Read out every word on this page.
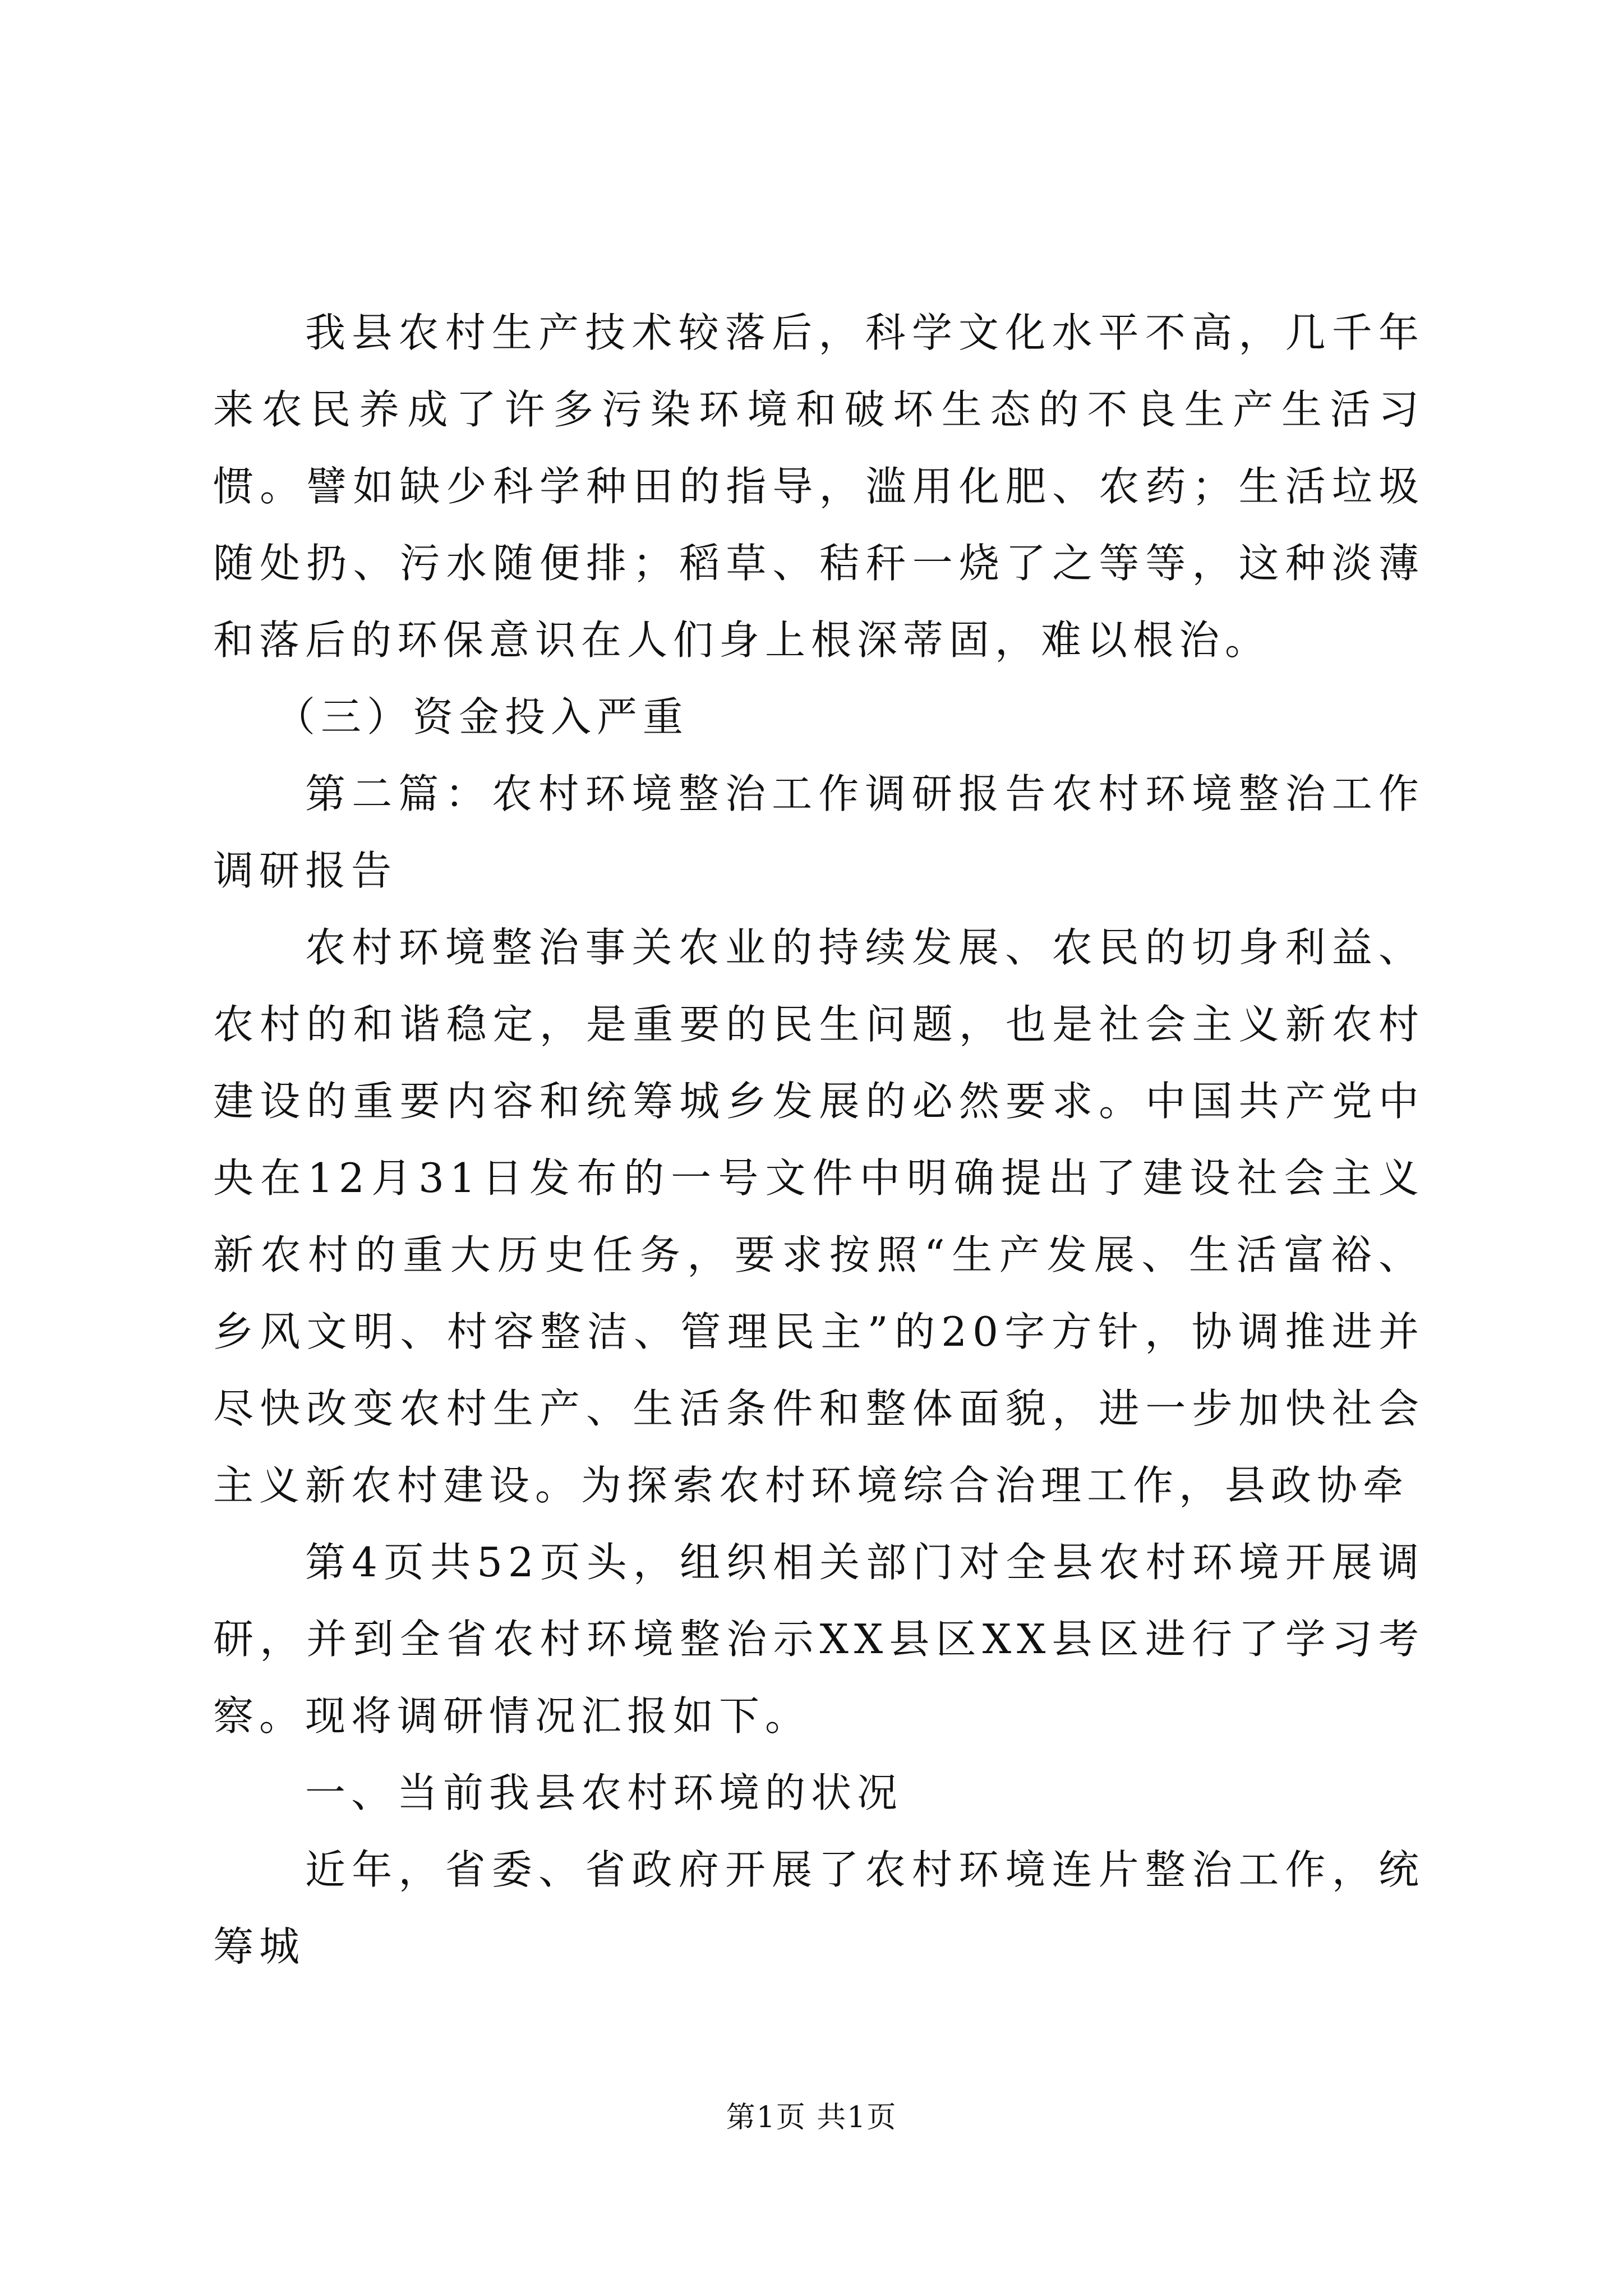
我县农村生产技术较落后，科学文化水平不高，几千年来农民养成了许多污染环境和破坏生态的不良生产生活习惯。譬如缺少科学种田的指导，滥用化肥、农药；生活垃圾随处扔、污水随便排；稻草、秸秆一烧了之等等，这种淡薄和落后的环保意识在人们身上根深蒂固，难以根治。

（三）资金投入严重

第二篇：农村环境整治工作调研报告农村环境整治工作调研报告

农村环境整治事关农业的持续发展、农民的切身利益、农村的和谐稳定，是重要的民生问题，也是社会主义新农村建设的重要内容和统筹城乡发展的必然要求。中国共产党中央在12月31日发布的一号文件中明确提出了建设社会主义新农村的重大历史任务，要求按照“生产发展、生活富裕、乡风文明、村容整洁、管理民主”的20字方针，协调推进并尽快改变农村生产、生活条件和整体面貌，进一步加快社会主义新农村建设。为探索农村环境综合治理工作，县政协牵

第4页共52页头，组织相关部门对全县农村环境开展调研，并到全省农村环境整治示XX县区XX县区进行了学习考察。现将调研情况汇报如下。

一、当前我县农村环境的状况

近年，省委、省政府开展了农村环境连片整治工作，统筹城

第1页 共1页
